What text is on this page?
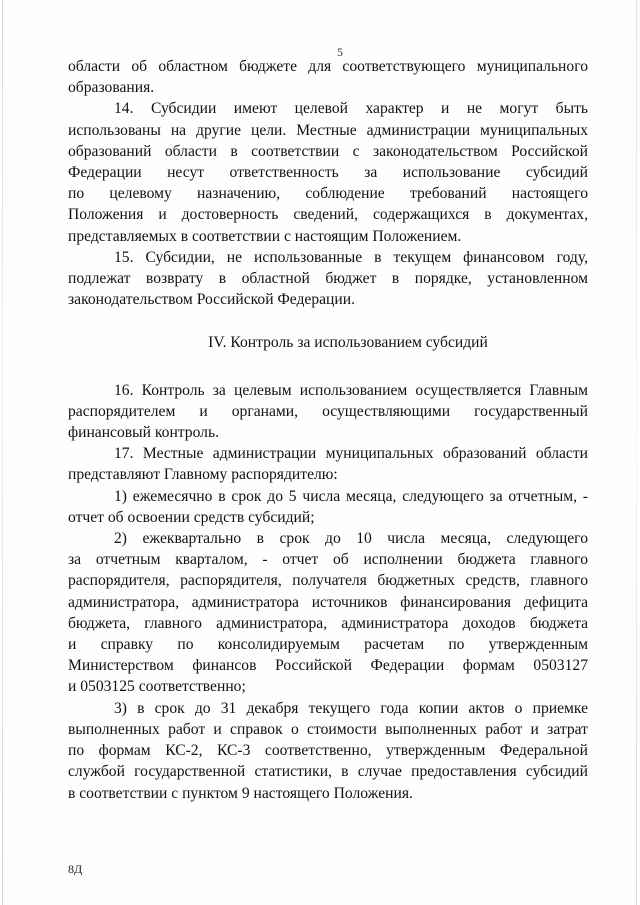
5
области об областном бюджете для соответствующего муниципального
образования.
14. Субсидии имеют целевой характер и не могут быть
использованы на другие цели. Местные администрации муниципальных
образований области в соответствии с законодательством Российской
Федерации несут ответственность за использование субсидий
по целевому назначению, соблюдение требований настоящего
Положения и достоверность сведений, содержащихся в документах,
представляемых в соответствии с настоящим Положением.
15. Субсидии, не использованные в текущем финансовом году,
подлежат возврату в областной бюджет в порядке, установленном
законодательством Российской Федерации.
IV. Контроль за использованием субсидий
16. Контроль за целевым использованием осуществляется Главным
распорядителем и органами, осуществляющими государственный
финансовый контроль.
17. Местные администрации муниципальных образований области
представляют Главному распорядителю:
1) ежемесячно в срок до 5 числа месяца, следующего за отчетным, -
отчет об освоении средств субсидий;
2) ежеквартально в срок до 10 числа месяца, следующего
за отчетным кварталом, - отчет об исполнении бюджета главного
распорядителя, распорядителя, получателя бюджетных средств, главного
администратора, администратора источников финансирования дефицита
бюджета, главного администратора, администратора доходов бюджета
и справку по консолидируемым расчетам по утвержденным
Министерством финансов Российской Федерации формам 0503127
и 0503125 соответственно;
3) в срок до 31 декабря текущего года копии актов о приемке
выполненных работ и справок о стоимости выполненных работ и затрат
по формам КС-2, КС-3 соответственно, утвержденным Федеральной
службой государственной статистики, в случае предоставления субсидий
в соответствии с пунктом 9 настоящего Положения.
8Д
